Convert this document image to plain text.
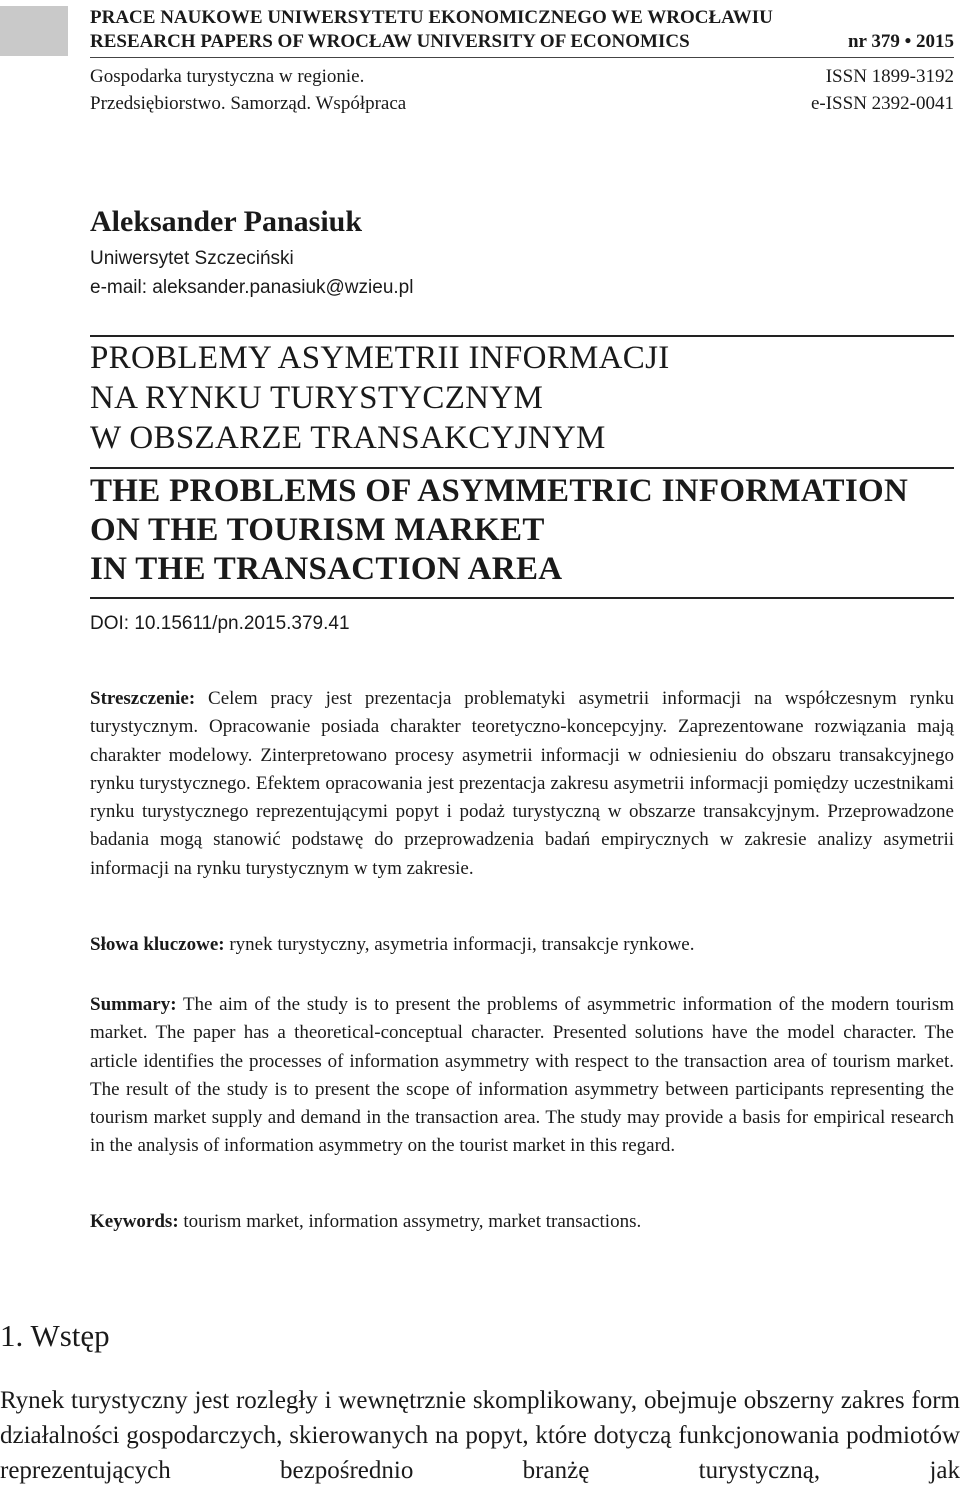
PRACE NAUKOWE UNIWERSYTETU EKONOMICZNEGO WE WROCŁAWIU
RESEARCH PAPERS OF WROCŁAW UNIVERSITY OF ECONOMICS	nr 379 • 2015
Gospodarka turystyczna w regionie.
Przedsiębiorstwo. Samorząd. Współpraca
ISSN 1899-3192
e-ISSN 2392-0041
Aleksander Panasiuk
Uniwersytet Szczeciński
e-mail: aleksander.panasiuk@wzieu.pl
PROBLEMY ASYMETRII INFORMACJI
NA RYNKU TURYSTYCZNYM
W OBSZARZE TRANSAKCYJNYM
THE PROBLEMS OF ASYMMETRIC INFORMATION
ON THE TOURISM MARKET
IN THE TRANSACTION AREA
DOI: 10.15611/pn.2015.379.41
Streszczenie: Celem pracy jest prezentacja problematyki asymetrii informacji na współczesnym rynku turystycznym. Opracowanie posiada charakter teoretyczno-koncepcyjny. Zaprezentowane rozwiązania mają charakter modelowy. Zinterpretowano procesy asymetrii informacji w odniesieniu do obszaru transakcyjnego rynku turystycznego. Efektem opracowania jest prezentacja zakresu asymetrii informacji pomiędzy uczestnikami rynku turystycznego reprezentującymi popyt i podaż turystyczną w obszarze transakcyjnym. Przeprowadzone badania mogą stanowić podstawę do przeprowadzenia badań empirycznych w zakresie analizy asymetrii informacji na rynku turystycznym w tym zakresie.
Słowa kluczowe: rynek turystyczny, asymetria informacji, transakcje rynkowe.
Summary: The aim of the study is to present the problems of asymmetric information of the modern tourism market. The paper has a theoretical-conceptual character. Presented solutions have the model character. The article identifies the processes of information asymmetry with respect to the transaction area of tourism market. The result of the study is to present the scope of information asymmetry between participants representing the tourism market supply and demand in the transaction area. The study may provide a basis for empirical research in the analysis of information asymmetry on the tourist market in this regard.
Keywords: tourism market, information assymetry, market transactions.
1. Wstęp
Rynek turystyczny jest rozległy i wewnętrznie skomplikowany, obejmuje obszerny zakres form działalności gospodarczych, skierowanych na popyt, które dotyczą funkcjonowania podmiotów reprezentujących bezpośrednio branżę turystyczną, jak
